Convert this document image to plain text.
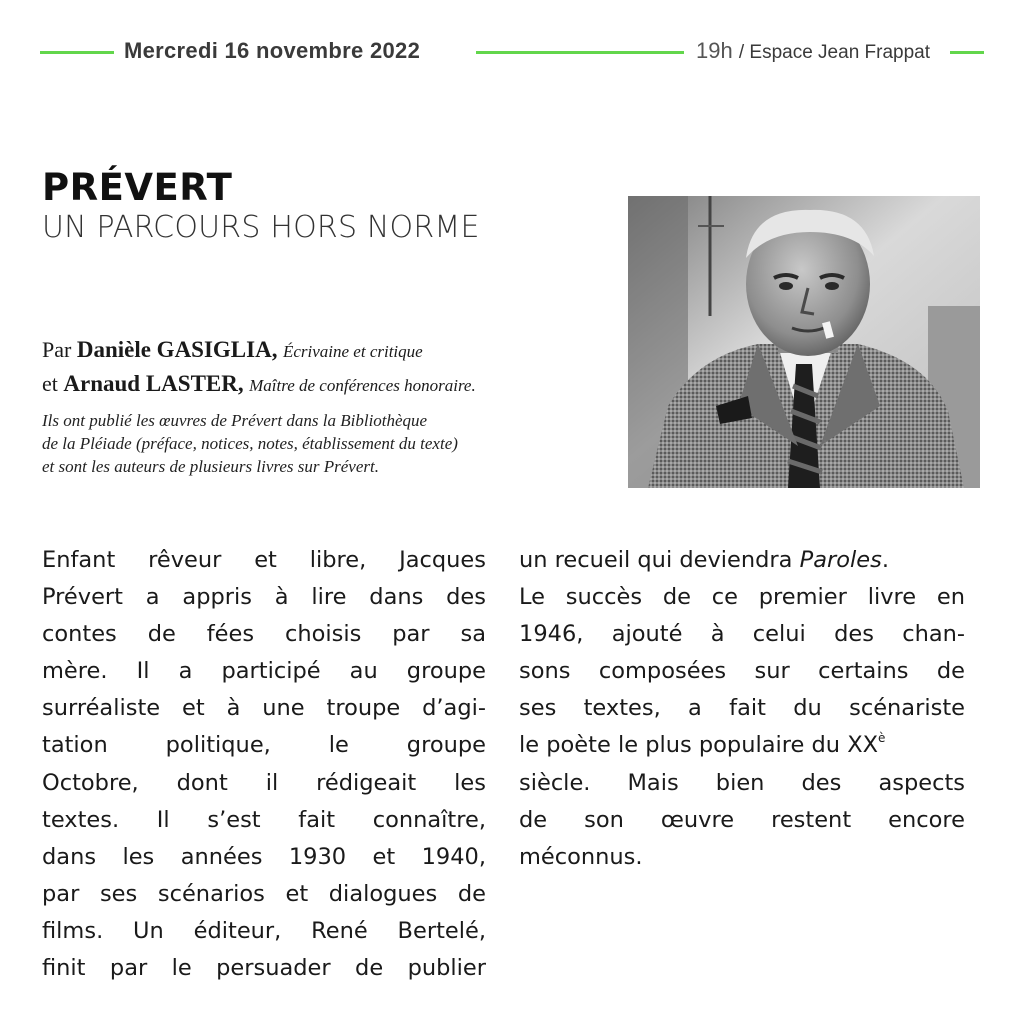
Mercredi 16 novembre 2022	19h / Espace Jean Frappat
PRÉVERT
UN PARCOURS HORS NORME
Par Danièle GASIGLIA, Écrivaine et critique
et Arnaud LASTER, Maître de conférences honoraire.
Ils ont publié les œuvres de Prévert dans la Bibliothèque
de la Pléiade (préface, notices, notes, établissement du texte)
et sont les auteurs de plusieurs livres sur Prévert.
Enfant rêveur et libre, Jacques
Prévert a appris à lire dans des
contes de fées choisis par sa
mère. Il a participé au groupe
surréaliste et à une troupe d’agi-
tation politique, le groupe
Octobre, dont il rédigeait les
textes. Il s’est fait connaître,
dans les années 1930 et 1940,
par ses scénarios et dialogues de
films. Un éditeur, René Bertelé,
finit par le persuader de publier
un recueil qui deviendra Paroles.
Le succès de ce premier livre en
1946, ajouté à celui des chan-
sons composées sur certains de
ses textes, a fait du scénariste
le poète le plus populaire du $XX^è$
siècle. Mais bien des aspects
de son œuvre restent encore
méconnus.
